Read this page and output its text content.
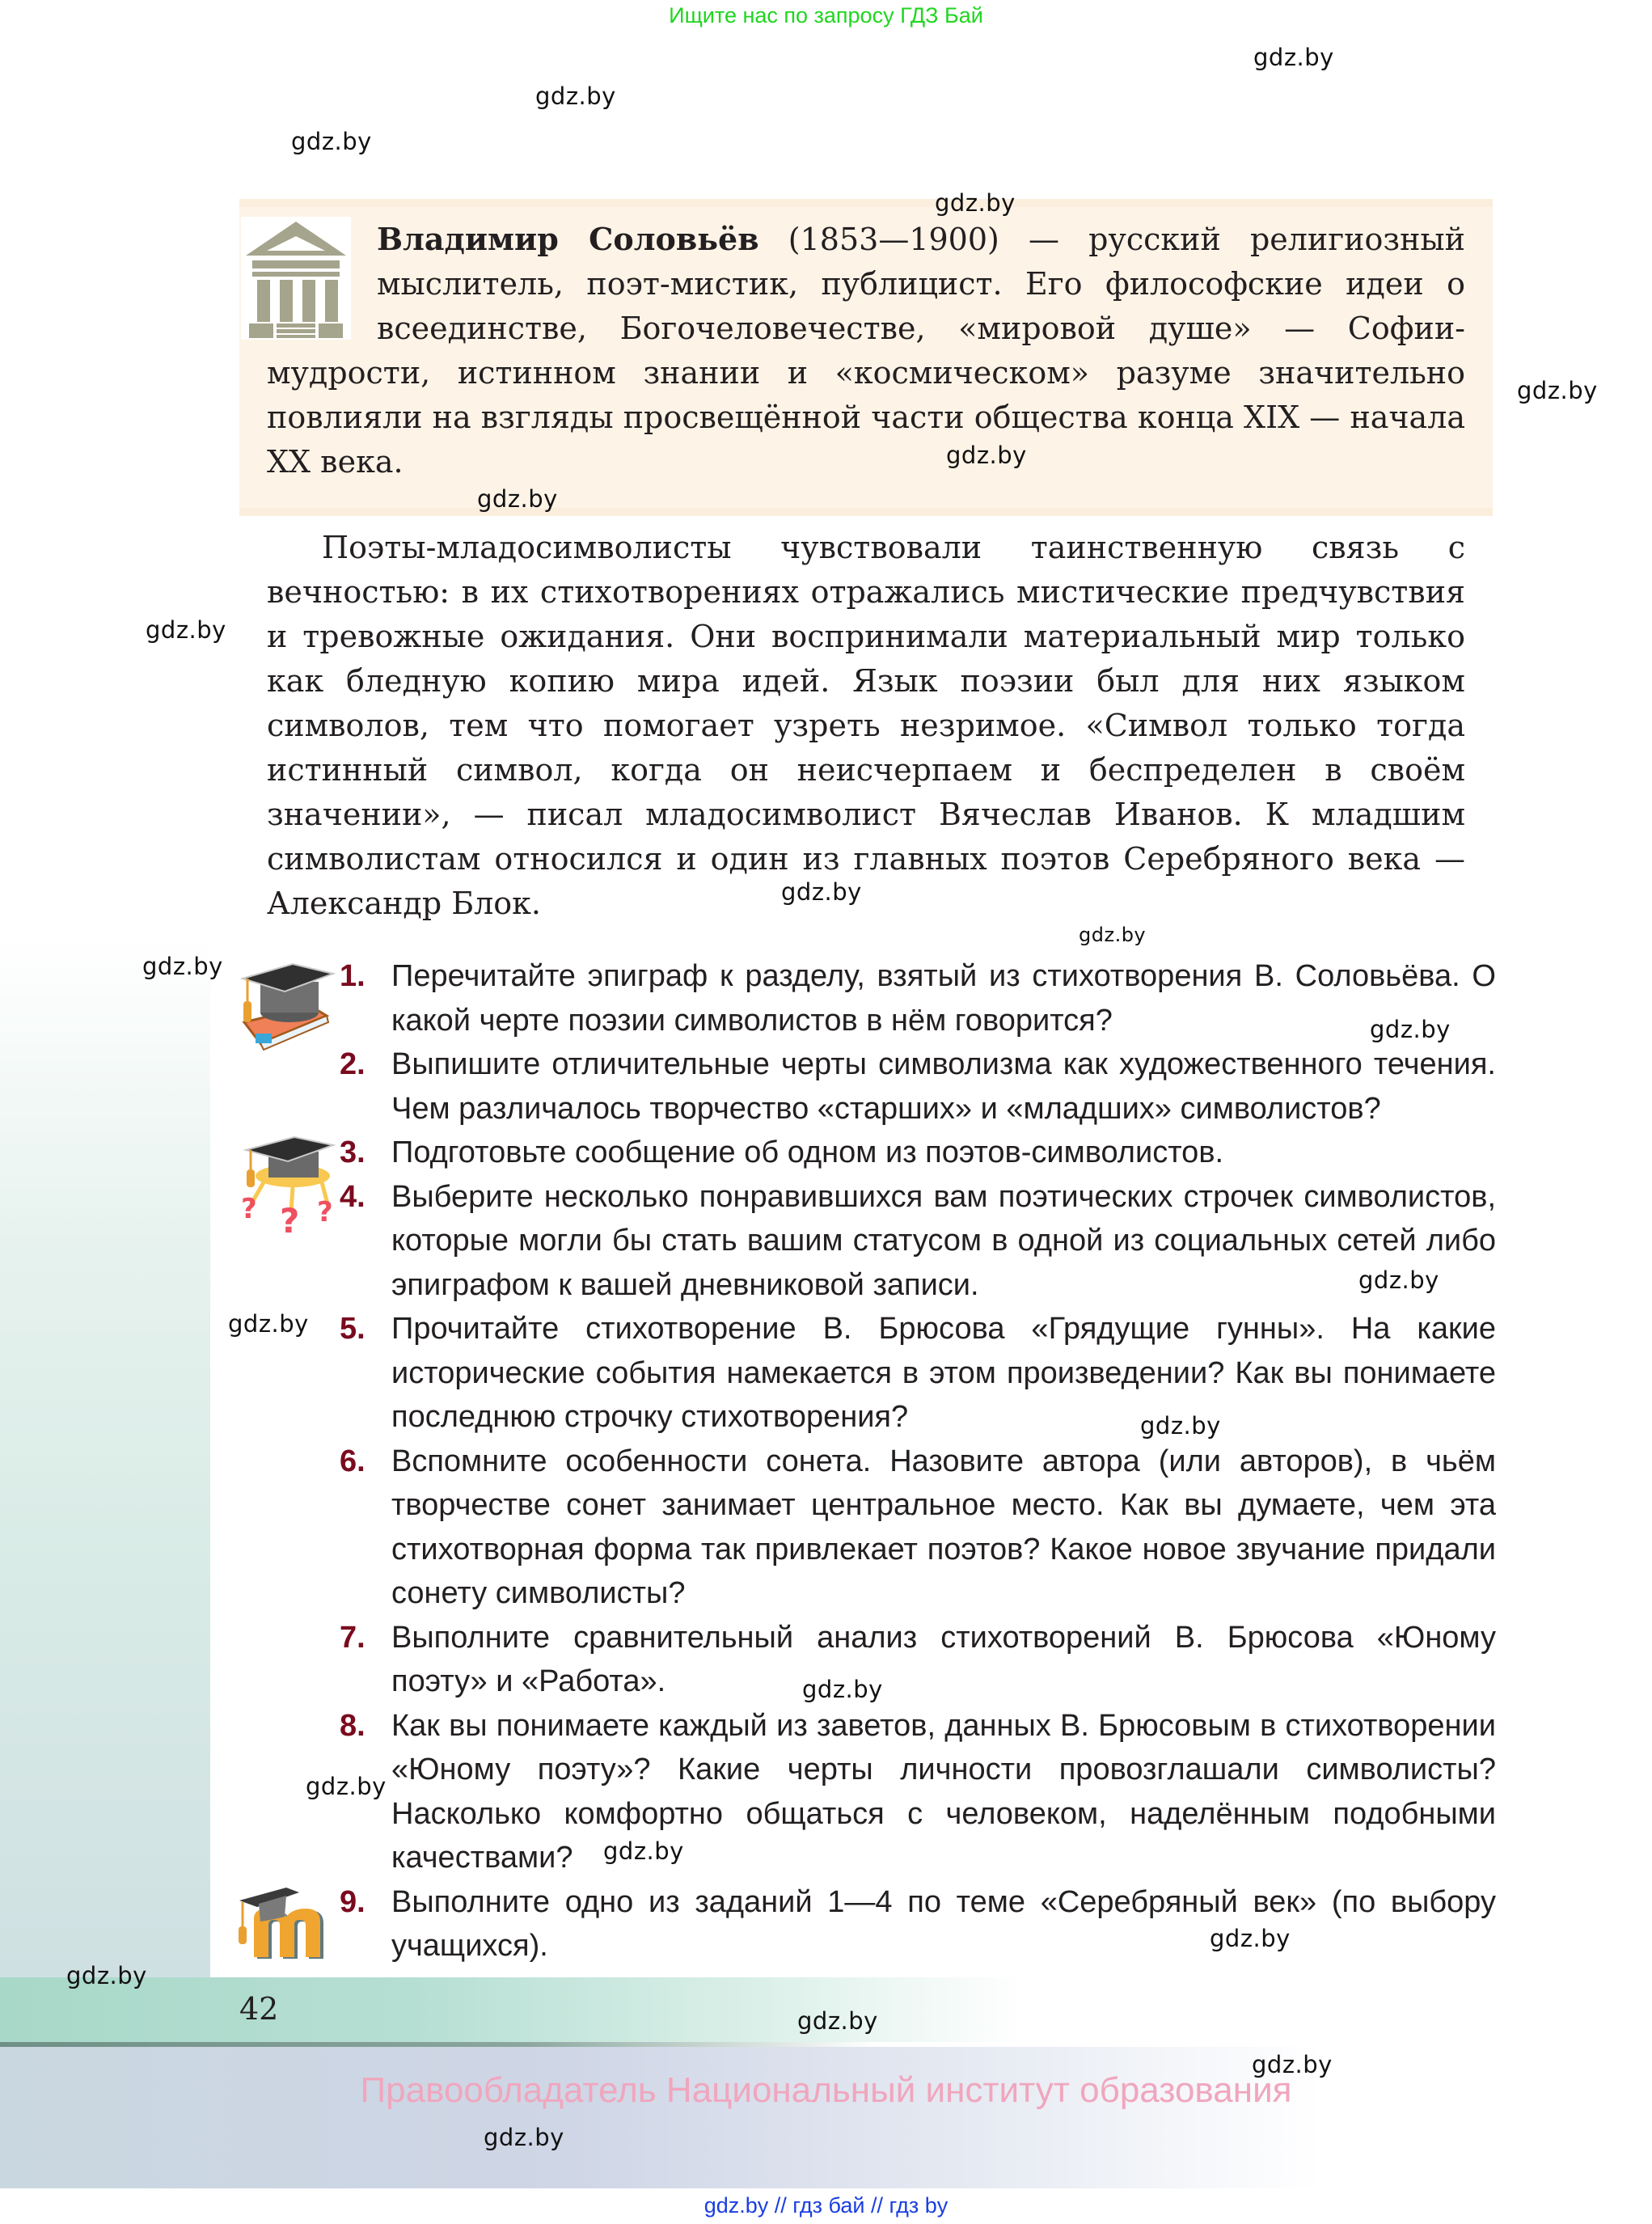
Ищите нас по запросу ГДЗ Бай
gdz.by
gdz.by
gdz.by
gdz.by
gdz.by
gdz.by
gdz.by
gdz.by
gdz.by
gdz.by
gdz.by
gdz.by
gdz.by
gdz.by
gdz.by
gdz.by
gdz.by
gdz.by
gdz.by
gdz.by
gdz.by
gdz.by
gdz.by
Владимир Соловьёв (1853—1900) — русский религиозный мыслитель, поэт-мистик, публицист. Его философские идеи о всеединстве, Богочеловечестве, «мировой душе» — Софии-мудрости, истинном знании и «космическом» разуме значительно повлияли на взгляды просвещённой части общества конца XIX — начала XX века.
Поэты-младосимволисты чувствовали таинственную связь с вечностью: в их стихотворениях отражались мистические предчувствия и тревожные ожидания. Они воспринимали материальный мир только как бледную копию мира идей. Язык поэзии был для них языком символов, тем что помогает узреть незримое. «Символ только тогда истинный символ, когда он неисчерпаем и беспределен в своём значении», — писал младосимволист Вячеслав Иванов. К младшим символистам относился и один из главных поэтов Серебряного века — Александр Блок.
? ? ?
1. Перечитайте эпиграф к разделу, взятый из стихотворения В. Соловьёва. О какой черте поэзии символистов в нём говорится?
2. Выпишите отличительные черты символизма как художественного течения. Чем различалось творчество «старших» и «младших» символистов?
3. Подготовьте сообщение об одном из поэтов-символистов.
4. Выберите несколько понравившихся вам поэтических строчек символистов, которые могли бы стать вашим статусом в одной из социальных сетей либо эпиграфом к вашей дневниковой записи.
5. Прочитайте стихотворение В. Брюсова «Грядущие гунны». На какие исторические события намекается в этом произведении? Как вы понимаете последнюю строчку стихотворения?
6. Вспомните особенности сонета. Назовите автора (или авторов), в чьём творчестве сонет занимает центральное место. Как вы думаете, чем эта стихотворная форма так привлекает поэтов? Какое новое звучание придали сонету символисты?
7. Выполните сравнительный анализ стихотворений В. Брюсова «Юному поэту» и «Работа».
8. Как вы понимаете каждый из заветов, данных В. Брюсовым в стихотворении «Юному поэту»? Какие черты личности провозглашали символисты? Насколько комфортно общаться с человеком, наделённым подобными качествами?
9. Выполните одно из заданий 1—4 по теме «Серебряный век» (по выбору учащихся).
42
Правообладатель Национальный институт образования
gdz.by // гдз бай // гдз by
